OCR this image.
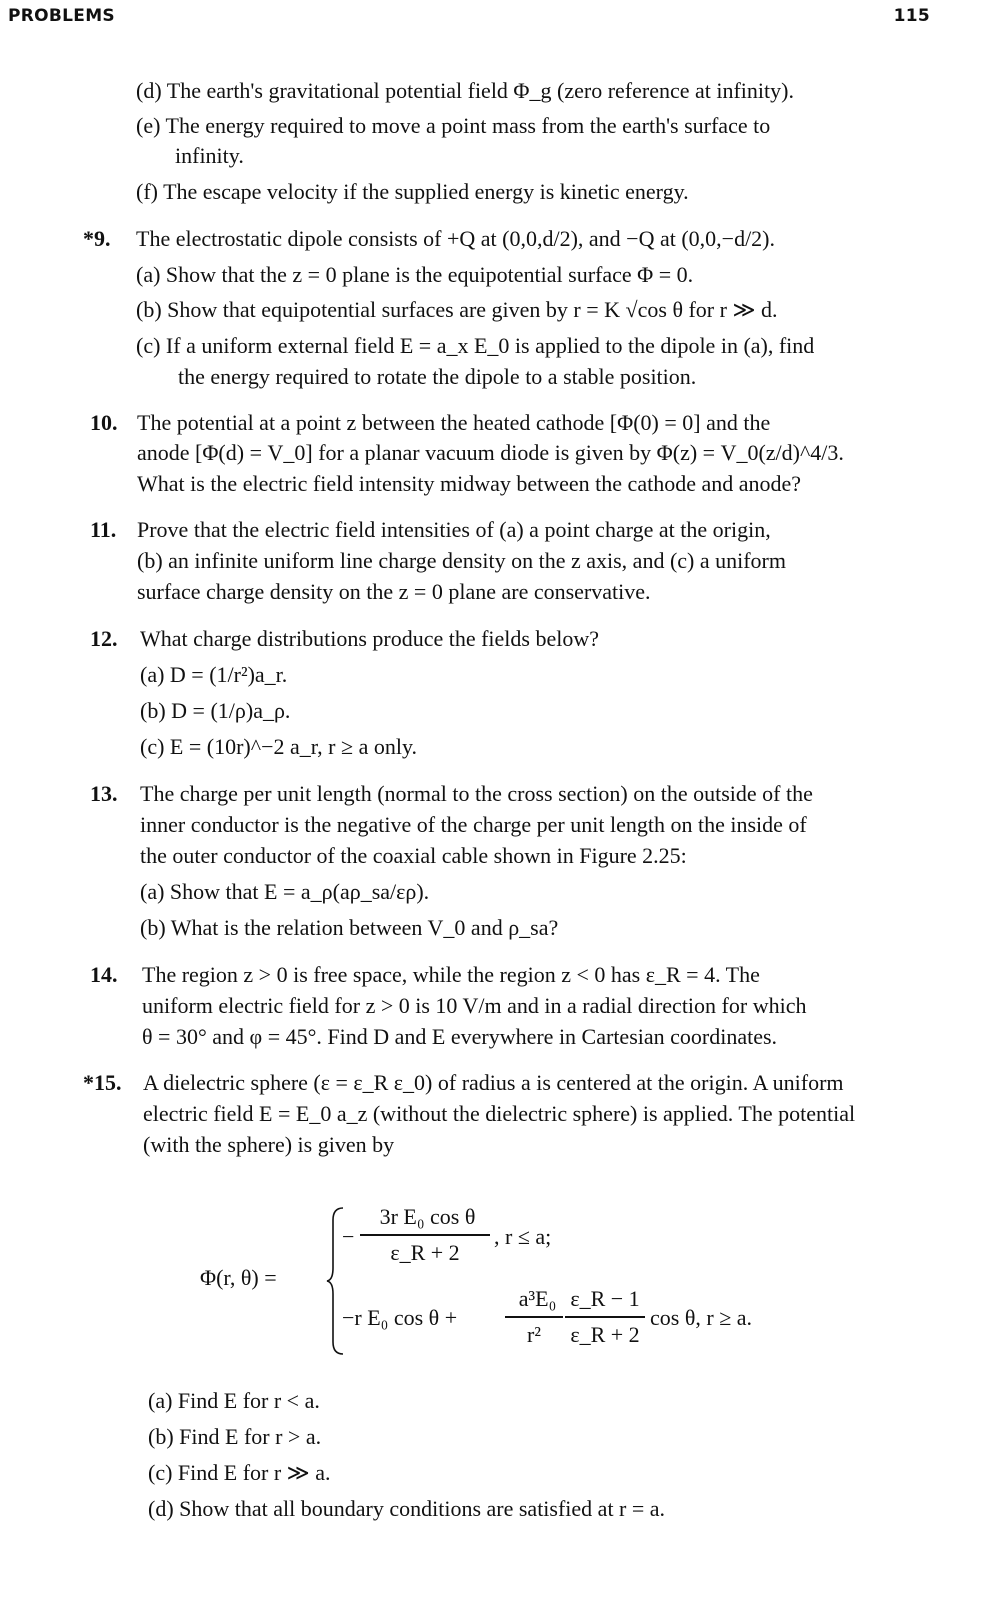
PROBLEMS	115
(d) The earth's gravitational potential field Φ_g (zero reference at infinity).
(e) The energy required to move a point mass from the earth's surface to
infinity.
(f) The escape velocity if the supplied energy is kinetic energy.
*9. The electrostatic dipole consists of +Q at (0,0,d/2), and −Q at (0,0,−d/2).
(a) Show that the z = 0 plane is the equipotential surface Φ = 0.
(b) Show that equipotential surfaces are given by r = K √cos θ for r ≫ d.
(c) If a uniform external field E = a_x E_0 is applied to the dipole in (a), find
the energy required to rotate the dipole to a stable position.
10. The potential at a point z between the heated cathode [Φ(0) = 0] and the
anode [Φ(d) = V_0] for a planar vacuum diode is given by Φ(z) = V_0(z/d)^4/3.
What is the electric field intensity midway between the cathode and anode?
11. Prove that the electric field intensities of (a) a point charge at the origin,
(b) an infinite uniform line charge density on the z axis, and (c) a uniform
surface charge density on the z = 0 plane are conservative.
12. What charge distributions produce the fields below?
(a) D = (1/r²)a_r.
(b) D = (1/ρ)a_ρ.
(c) E = (10r)^−2 a_r, r ≥ a only.
13. The charge per unit length (normal to the cross section) on the outside of the
inner conductor is the negative of the charge per unit length on the inside of
the outer conductor of the coaxial cable shown in Figure 2.25:
(a) Show that E = a_ρ(aρ_sa/ερ).
(b) What is the relation between V_0 and ρ_sa?
14. The region z > 0 is free space, while the region z < 0 has ε_R = 4. The
uniform electric field for z > 0 is 10 V/m and in a radial direction for which
θ = 30° and φ = 45°. Find D and E everywhere in Cartesian coordinates.
*15. A dielectric sphere (ε = ε_R ε_0) of radius a is centered at the origin. A uniform
electric field E = E_0 a_z (without the dielectric sphere) is applied. The potential
(with the sphere) is given by
Φ(r, θ) =
−
3r E₀ cos θ
ε_R + 2
, r ≤ a;
−r E₀ cos θ +
a³E₀
r²
ε_R − 1
ε_R + 2
cos θ, r ≥ a.
(a) Find E for r < a.
(b) Find E for r > a.
(c) Find E for r ≫ a.
(d) Show that all boundary conditions are satisfied at r = a.
